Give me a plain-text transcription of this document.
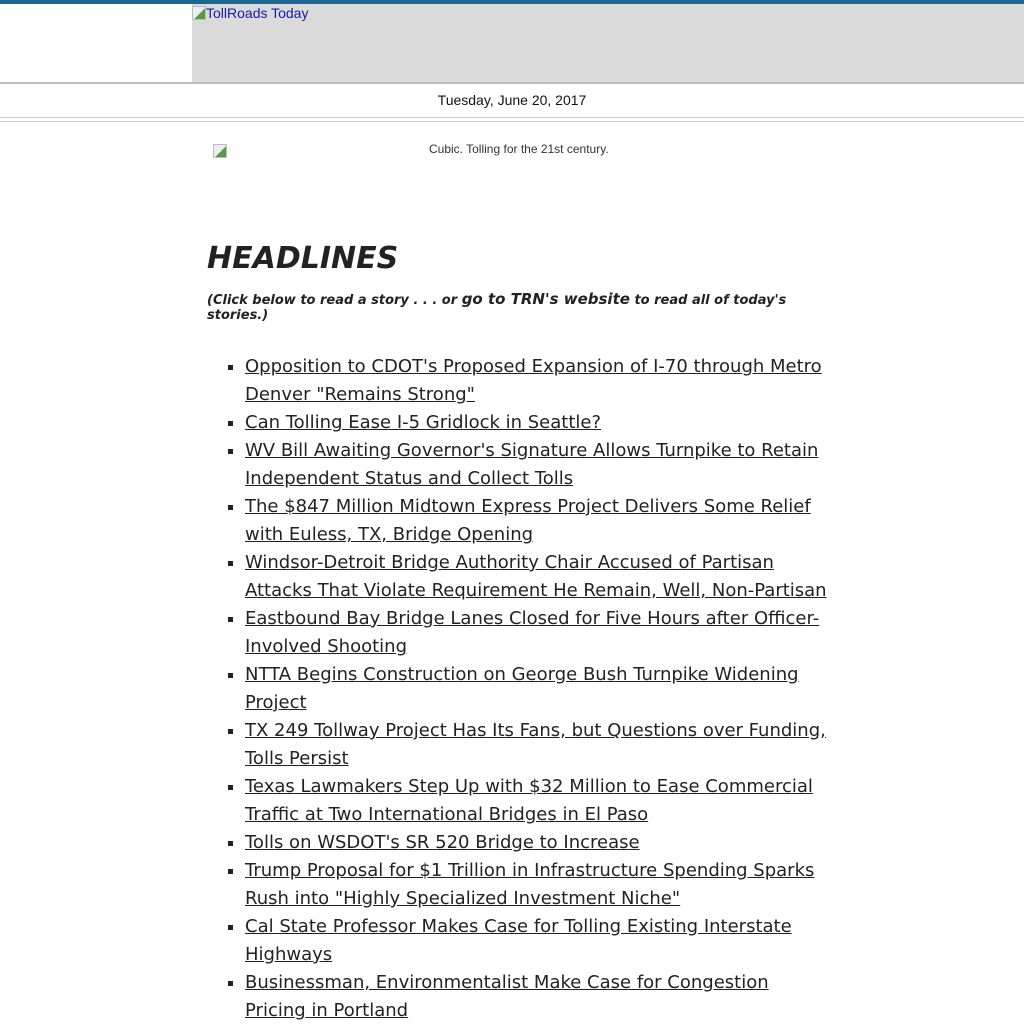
TollRoads Today
Tuesday, June 20, 2017
Cubic. Tolling for the 21st century.
HEADLINES
(Click below to read a story . . . or go to TRN's website to read all of today's stories.)
▪ Opposition to CDOT's Proposed Expansion of I-70 through Metro Denver "Remains Strong"
▪ Can Tolling Ease I-5 Gridlock in Seattle?
▪ WV Bill Awaiting Governor's Signature Allows Turnpike to Retain Independent Status and Collect Tolls
▪ The $847 Million Midtown Express Project Delivers Some Relief with Euless, TX, Bridge Opening
▪ Windsor-Detroit Bridge Authority Chair Accused of Partisan Attacks That Violate Requirement He Remain, Well, Non-Partisan
▪ Eastbound Bay Bridge Lanes Closed for Five Hours after Officer-Involved Shooting
▪ NTTA Begins Construction on George Bush Turnpike Widening Project
▪ TX 249 Tollway Project Has Its Fans, but Questions over Funding, Tolls Persist
▪ Texas Lawmakers Step Up with $32 Million to Ease Commercial Traffic at Two International Bridges in El Paso
▪ Tolls on WSDOT's SR 520 Bridge to Increase
▪ Trump Proposal for $1 Trillion in Infrastructure Spending Sparks Rush into "Highly Specialized Investment Niche"
▪ Cal State Professor Makes Case for Tolling Existing Interstate Highways
▪ Businessman, Environmentalist Make Case for Congestion Pricing in Portland
